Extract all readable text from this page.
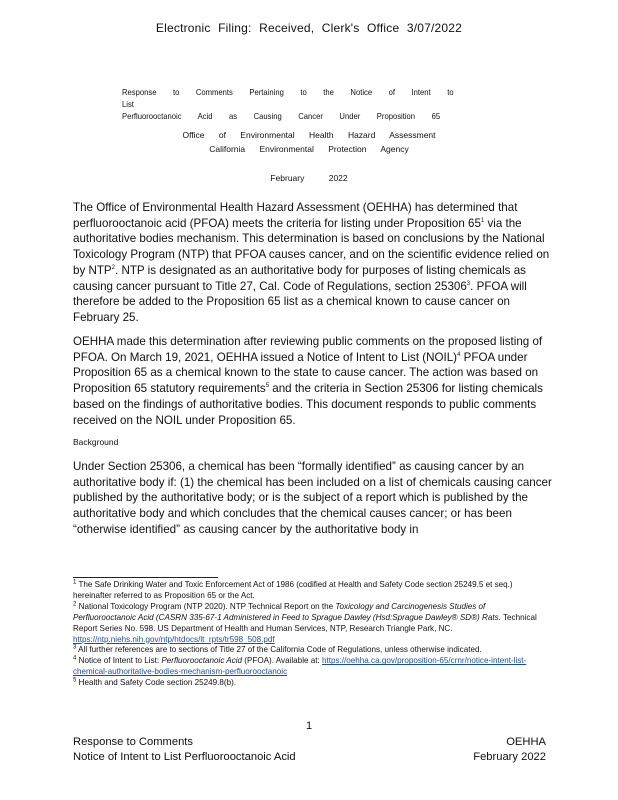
Electronic Filing: Received, Clerk's Office 3/07/2022
Response to Comments Pertaining to the Notice of Intent to List
Perfluorooctanoic Acid as Causing Cancer Under Proposition 65
Office of Environmental Health Hazard Assessment
California Environmental Protection Agency
February 2022

The Office of Environmental Health Hazard Assessment (OEHHA) has determined that perfluorooctanoic acid (PFOA) meets the criteria for listing under Proposition $65^1$ via the authoritative bodies mechanism. This determination is based on conclusions by the National Toxicology Program (NTP) that PFOA causes cancer, and on the scientific evidence relied on by NTP$^2$. NTP is designated as an authoritative body for purposes of listing chemicals as causing cancer pursuant to Title 27, Cal. Code of Regulations, section 25306$^3$. PFOA will therefore be added to the Proposition 65 list as a chemical known to cause cancer on February 25.

OEHHA made this determination after reviewing public comments on the proposed listing of PFOA. On March 19, 2021, OEHHA issued a Notice of Intent to List (NOIL)$^4$ PFOA under Proposition 65 as a chemical known to the state to cause cancer. The action was based on Proposition 65 statutory requirements$^5$ and the criteria in Section 25306 for listing chemicals based on the findings of authoritative bodies. This document responds to public comments received on the NOIL under Proposition 65.

Background

Under Section 25306, a chemical has been “formally identified” as causing cancer by an authoritative body if: (1) the chemical has been included on a list of chemicals causing cancer published by the authoritative body; or is the subject of a report which is published by the authoritative body and which concludes that the chemical causes cancer; or has been “otherwise identified” as causing cancer by the authoritative body in

$^1$ The Safe Drinking Water and Toxic Enforcement Act of 1986 (codified at Health and Safety Code section 25249.5 et seq.) hereinafter referred to as Proposition 65 or the Act.

$^2$ National Toxicology Program (NTP 2020). NTP Technical Report on the Toxicology and Carcinogenesis Studies of Perfluorooctanoic Acid (CASRN 335-67-1 Administered in Feed to Sprague Dawley (Hsd:Sprague Dawley® SD®) Rats. Technical Report Series No. 598. US Department of Health and Human Services, NTP, Research Triangle Park, NC.
https://ntp.niehs.nih.gov/ntp/htdocs/lt_rpts/tr598_508.pdf

$^3$ All further references are to sections of Title 27 of the California Code of Regulations, unless otherwise indicated.

$^4$ Notice of Intent to List: Perfluorooctanoic Acid (PFOA). Available at: https://oehha.ca.gov/proposition-65/crnr/notice-intent-list-chemical-authoritative-bodies-mechanism-perfluorooctanoic

$^5$ Health and Safety Code section 25249.8(b).

1
Response to Comments
Notice of Intent to List Perfluorooctanoic Acid
OEHHA
February 2022
